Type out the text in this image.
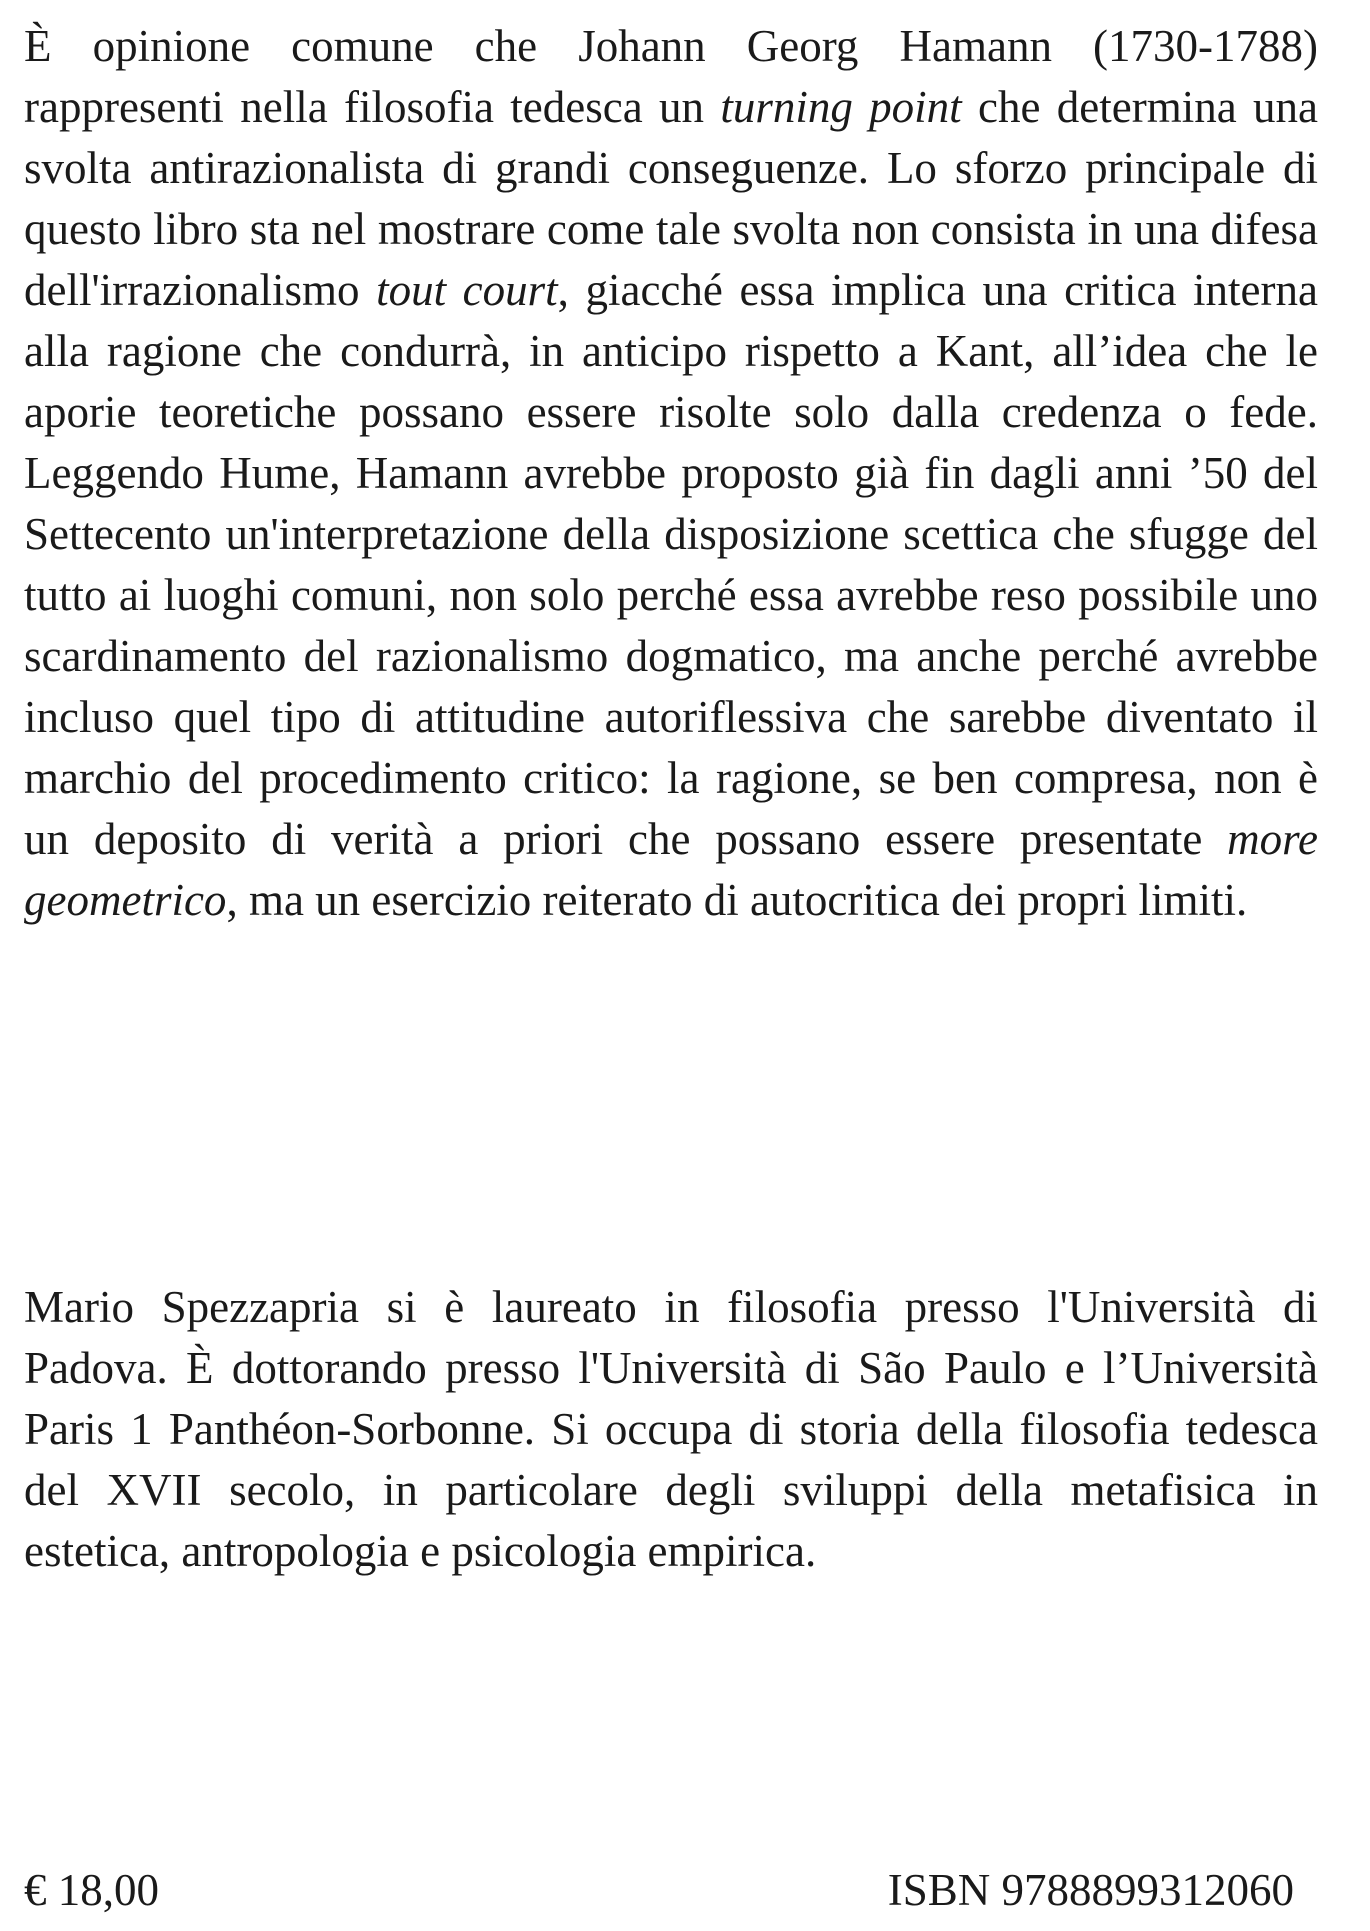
È opinione comune che Johann Georg Hamann (1730-1788) rappresenti nella filosofia tedesca un turning point che determina una svolta antirazionalista di grandi conseguenze. Lo sforzo principale di questo libro sta nel mostrare come tale svolta non consista in una difesa dell'irrazionalismo tout court, giacché essa implica una critica interna alla ragione che condurrà, in anticipo rispetto a Kant, all’idea che le aporie teoretiche possano essere risolte solo dalla credenza o fede. Leggendo Hume, Hamann avrebbe proposto già fin dagli anni ’50 del Settecento un'interpretazione della disposizione scettica che sfugge del tutto ai luoghi comuni, non solo perché essa avrebbe reso possibile uno scardinamento del razionalismo dogmatico, ma anche perché avrebbe incluso quel tipo di attitudine autoriflessiva che sarebbe diventato il marchio del procedimento critico: la ragione, se ben compresa, non è un deposito di verità a priori che possano essere presentate more geometrico, ma un esercizio reiterato di autocritica dei propri limiti.

Mario Spezzapria si è laureato in filosofia presso l'Università di Padova. È dottorando presso l'Università di São Paulo e l’Università Paris 1 Panthéon-Sorbonne. Si occupa di storia della filosofia tedesca del XVII secolo, in particolare degli sviluppi della metafisica in estetica, antropologia e psicologia empirica.

€ 18,00	ISBN 9788899312060
